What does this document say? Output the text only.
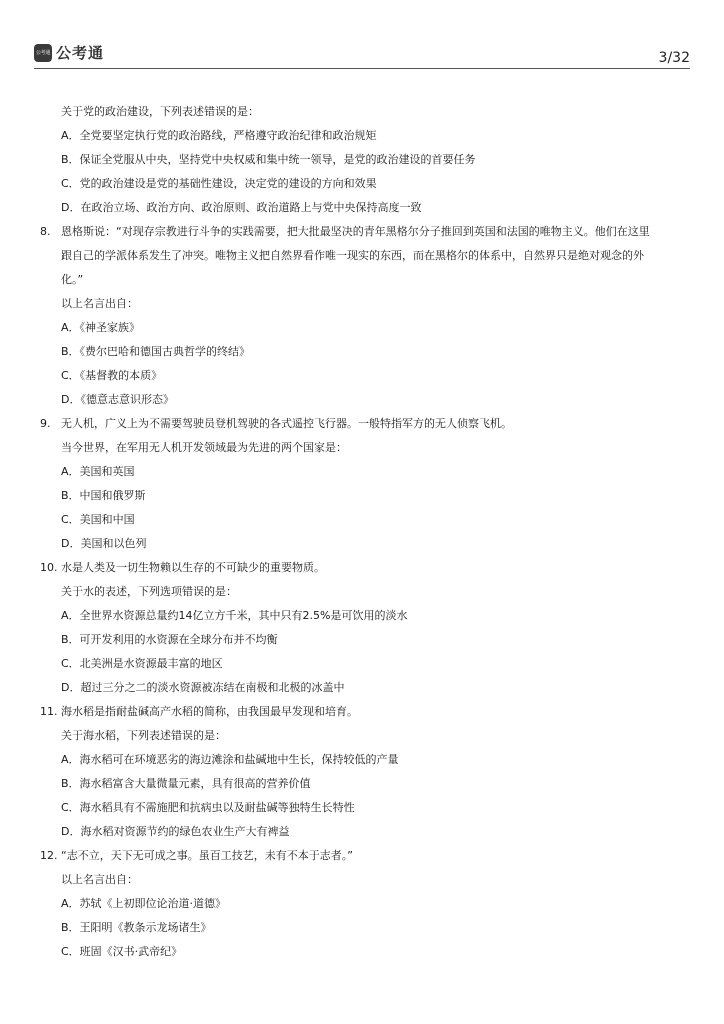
公考通 公考通	3/32
关于党的政治建设，下列表述错误的是：
A．全党要坚定执行党的政治路线，严格遵守政治纪律和政治规矩
B．保证全党服从中央，坚持党中央权威和集中统一领导，是党的政治建设的首要任务
C．党的政治建设是党的基础性建设，决定党的建设的方向和效果
D．在政治立场、政治方向、政治原则、政治道路上与党中央保持高度一致
8. 恩格斯说：“对现存宗教进行斗争的实践需要，把大批最坚决的青年黑格尔分子推回到英国和法国的唯物主义。他们在这里
跟自己的学派体系发生了冲突。唯物主义把自然界看作唯一现实的东西，而在黑格尔的体系中，自然界只是绝对观念的外
化。”
以上名言出自：
A．《神圣家族》
B．《费尔巴哈和德国古典哲学的终结》
C．《基督教的本质》
D．《德意志意识形态》
9. 无人机，广义上为不需要驾驶员登机驾驶的各式遥控飞行器。一般特指军方的无人侦察飞机。
当今世界，在军用无人机开发领域最为先进的两个国家是：
A．美国和英国
B．中国和俄罗斯
C．美国和中国
D．美国和以色列
10. 水是人类及一切生物赖以生存的不可缺少的重要物质。
关于水的表述，下列选项错误的是：
A．全世界水资源总量约14亿立方千米，其中只有2.5%是可饮用的淡水
B．可开发利用的水资源在全球分布并不均衡
C．北美洲是水资源最丰富的地区
D．超过三分之二的淡水资源被冻结在南极和北极的冰盖中
11. 海水稻是指耐盐碱高产水稻的简称，由我国最早发现和培育。
关于海水稻，下列表述错误的是：
A．海水稻可在环境恶劣的海边滩涂和盐碱地中生长，保持较低的产量
B．海水稻富含大量微量元素，具有很高的营养价值
C．海水稻具有不需施肥和抗病虫以及耐盐碱等独特生长特性
D．海水稻对资源节约的绿色农业生产大有裨益
12. “志不立，天下无可成之事。虽百工技艺，未有不本于志者。”
以上名言出自：
A．苏轼《上初即位论治道·道德》
B．王阳明《教条示龙场诸生》
C．班固《汉书·武帝纪》
